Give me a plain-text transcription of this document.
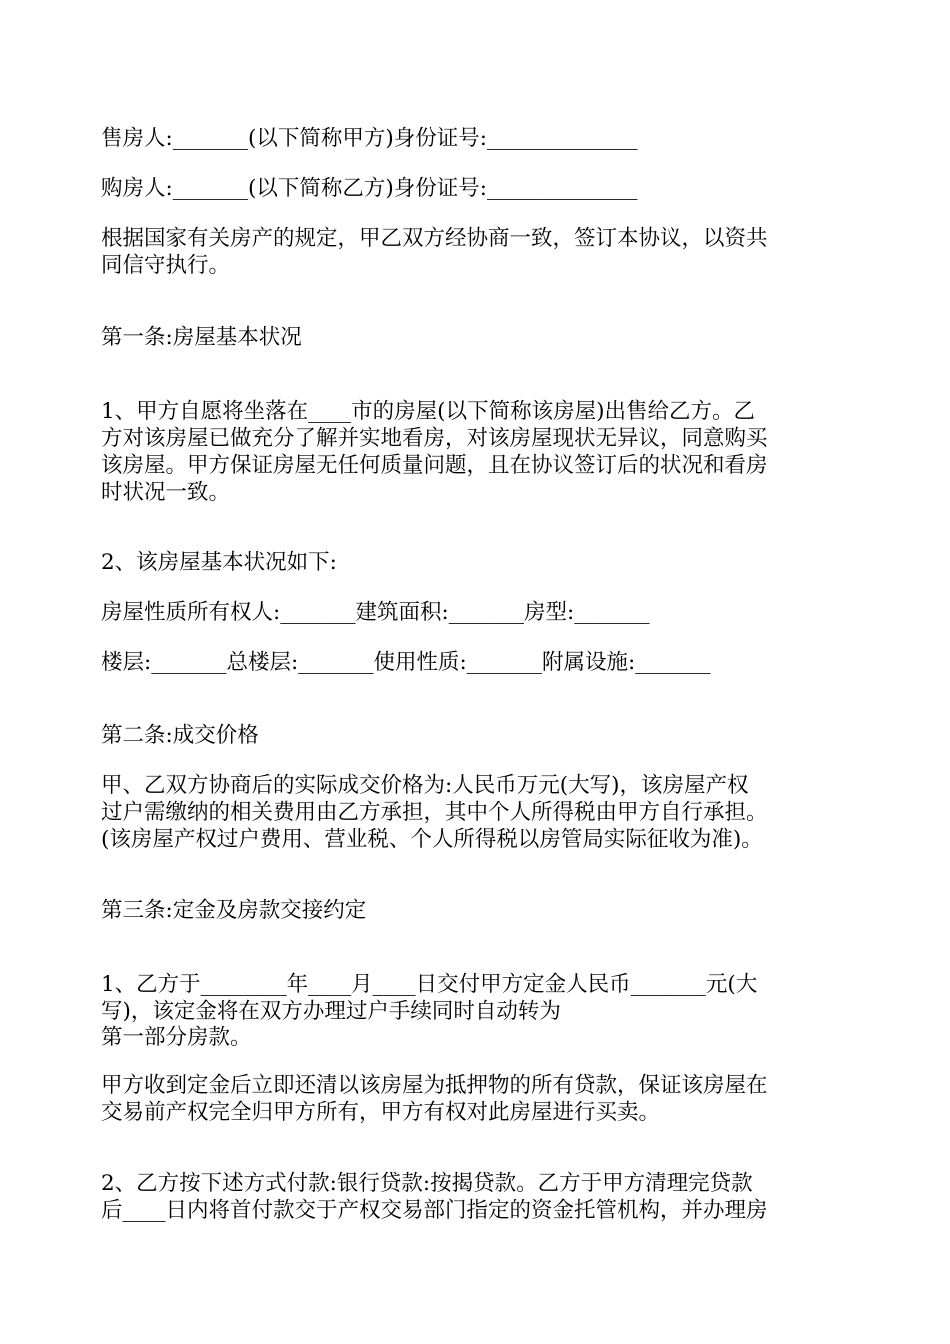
售房人:_______(以下简称甲方)身份证号:______________
购房人:_______(以下简称乙方)身份证号:______________
根据国家有关房产的规定，甲乙双方经协商一致，签订本协议，以资共
同信守执行。
第一条:房屋基本状况
1、甲方自愿将坐落在____市的房屋(以下简称该房屋)出售给乙方。乙
方对该房屋已做充分了解并实地看房，对该房屋现状无异议，同意购买
该房屋。甲方保证房屋无任何质量问题，且在协议签订后的状况和看房
时状况一致。
2、该房屋基本状况如下:
房屋性质所有权人:_______建筑面积:_______房型:_______
楼层:_______总楼层:_______使用性质:_______附属设施:_______
第二条:成交价格
甲、乙双方协商后的实际成交价格为:人民币万元(大写)，该房屋产权
过户需缴纳的相关费用由乙方承担，其中个人所得税由甲方自行承担。
(该房屋产权过户费用、营业税、个人所得税以房管局实际征收为准)。
第三条:定金及房款交接约定
1、乙方于________年____月____日交付甲方定金人民币_______元(大
写)，该定金将在双方办理过户手续同时自动转为
第一部分房款。
甲方收到定金后立即还清以该房屋为抵押物的所有贷款，保证该房屋在
交易前产权完全归甲方所有，甲方有权对此房屋进行买卖。
2、乙方按下述方式付款:银行贷款:按揭贷款。乙方于甲方清理完贷款
后____日内将首付款交于产权交易部门指定的资金托管机构，并办理房
